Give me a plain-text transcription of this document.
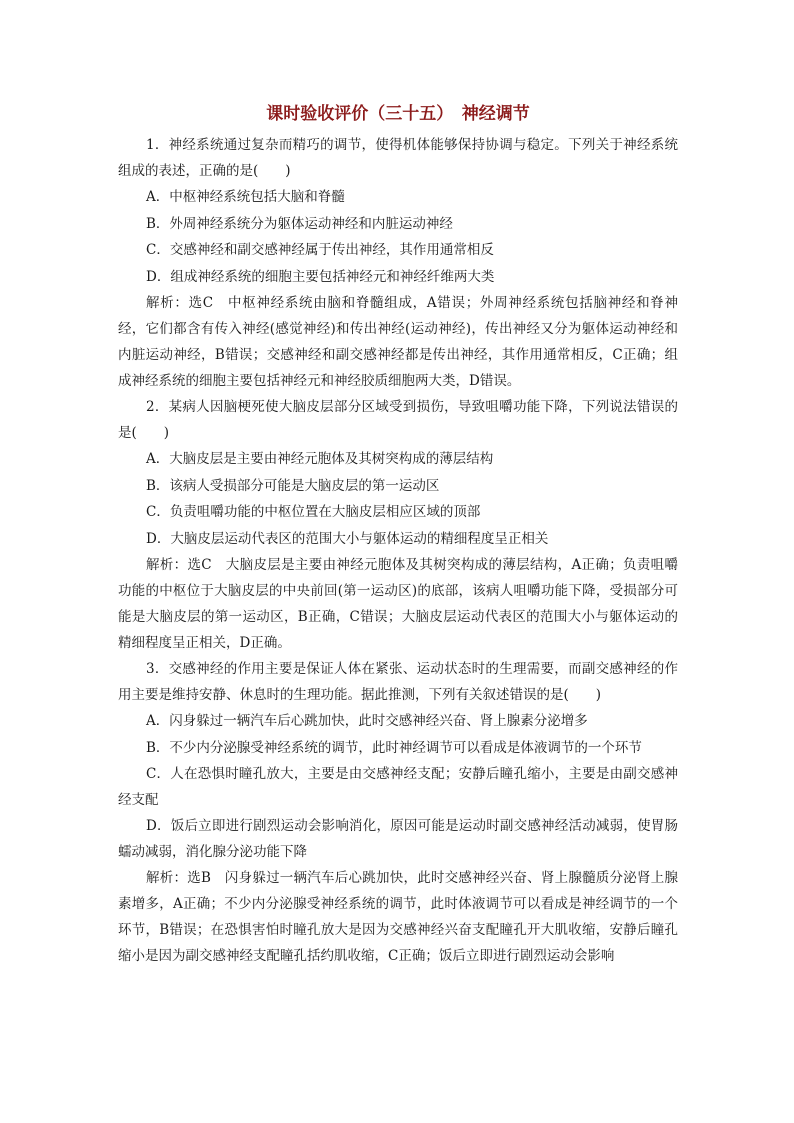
课时验收评价（三十五）　神经调节

1．神经系统通过复杂而精巧的调节，使得机体能够保持协调与稳定。下列关于神经系统组成的表述，正确的是(　　)

A．中枢神经系统包括大脑和脊髓

B．外周神经系统分为躯体运动神经和内脏运动神经

C．交感神经和副交感神经属于传出神经，其作用通常相反

D．组成神经系统的细胞主要包括神经元和神经纤维两大类

解析：选C　中枢神经系统由脑和脊髓组成，A错误；外周神经系统包括脑神经和脊神经，它们都含有传入神经(感觉神经)和传出神经(运动神经)，传出神经又分为躯体运动神经和内脏运动神经，B错误；交感神经和副交感神经都是传出神经，其作用通常相反，C正确；组成神经系统的细胞主要包括神经元和神经胶质细胞两大类，D错误。

2．某病人因脑梗死使大脑皮层部分区域受到损伤，导致咀嚼功能下降，下列说法错误的是(　　)

A．大脑皮层是主要由神经元胞体及其树突构成的薄层结构

B．该病人受损部分可能是大脑皮层的第一运动区

C．负责咀嚼功能的中枢位置在大脑皮层相应区域的顶部

D．大脑皮层运动代表区的范围大小与躯体运动的精细程度呈正相关

解析：选C　大脑皮层是主要由神经元胞体及其树突构成的薄层结构，A正确；负责咀嚼功能的中枢位于大脑皮层的中央前回(第一运动区)的底部，该病人咀嚼功能下降，受损部分可能是大脑皮层的第一运动区，B正确，C错误；大脑皮层运动代表区的范围大小与躯体运动的精细程度呈正相关，D正确。

3．交感神经的作用主要是保证人体在紧张、运动状态时的生理需要，而副交感神经的作用主要是维持安静、休息时的生理功能。据此推测，下列有关叙述错误的是(　　)

A．闪身躲过一辆汽车后心跳加快，此时交感神经兴奋、肾上腺素分泌增多

B．不少内分泌腺受神经系统的调节，此时神经调节可以看成是体液调节的一个环节

C．人在恐惧时瞳孔放大，主要是由交感神经支配；安静后瞳孔缩小，主要是由副交感神经支配

D．饭后立即进行剧烈运动会影响消化，原因可能是运动时副交感神经活动减弱，使胃肠蠕动减弱，消化腺分泌功能下降

解析：选B　闪身躲过一辆汽车后心跳加快，此时交感神经兴奋、肾上腺髓质分泌肾上腺素增多，A正确；不少内分泌腺受神经系统的调节，此时体液调节可以看成是神经调节的一个环节，B错误；在恐惧害怕时瞳孔放大是因为交感神经兴奋支配瞳孔开大肌收缩，安静后瞳孔缩小是因为副交感神经支配瞳孔括约肌收缩，C正确；饭后立即进行剧烈运动会影响
